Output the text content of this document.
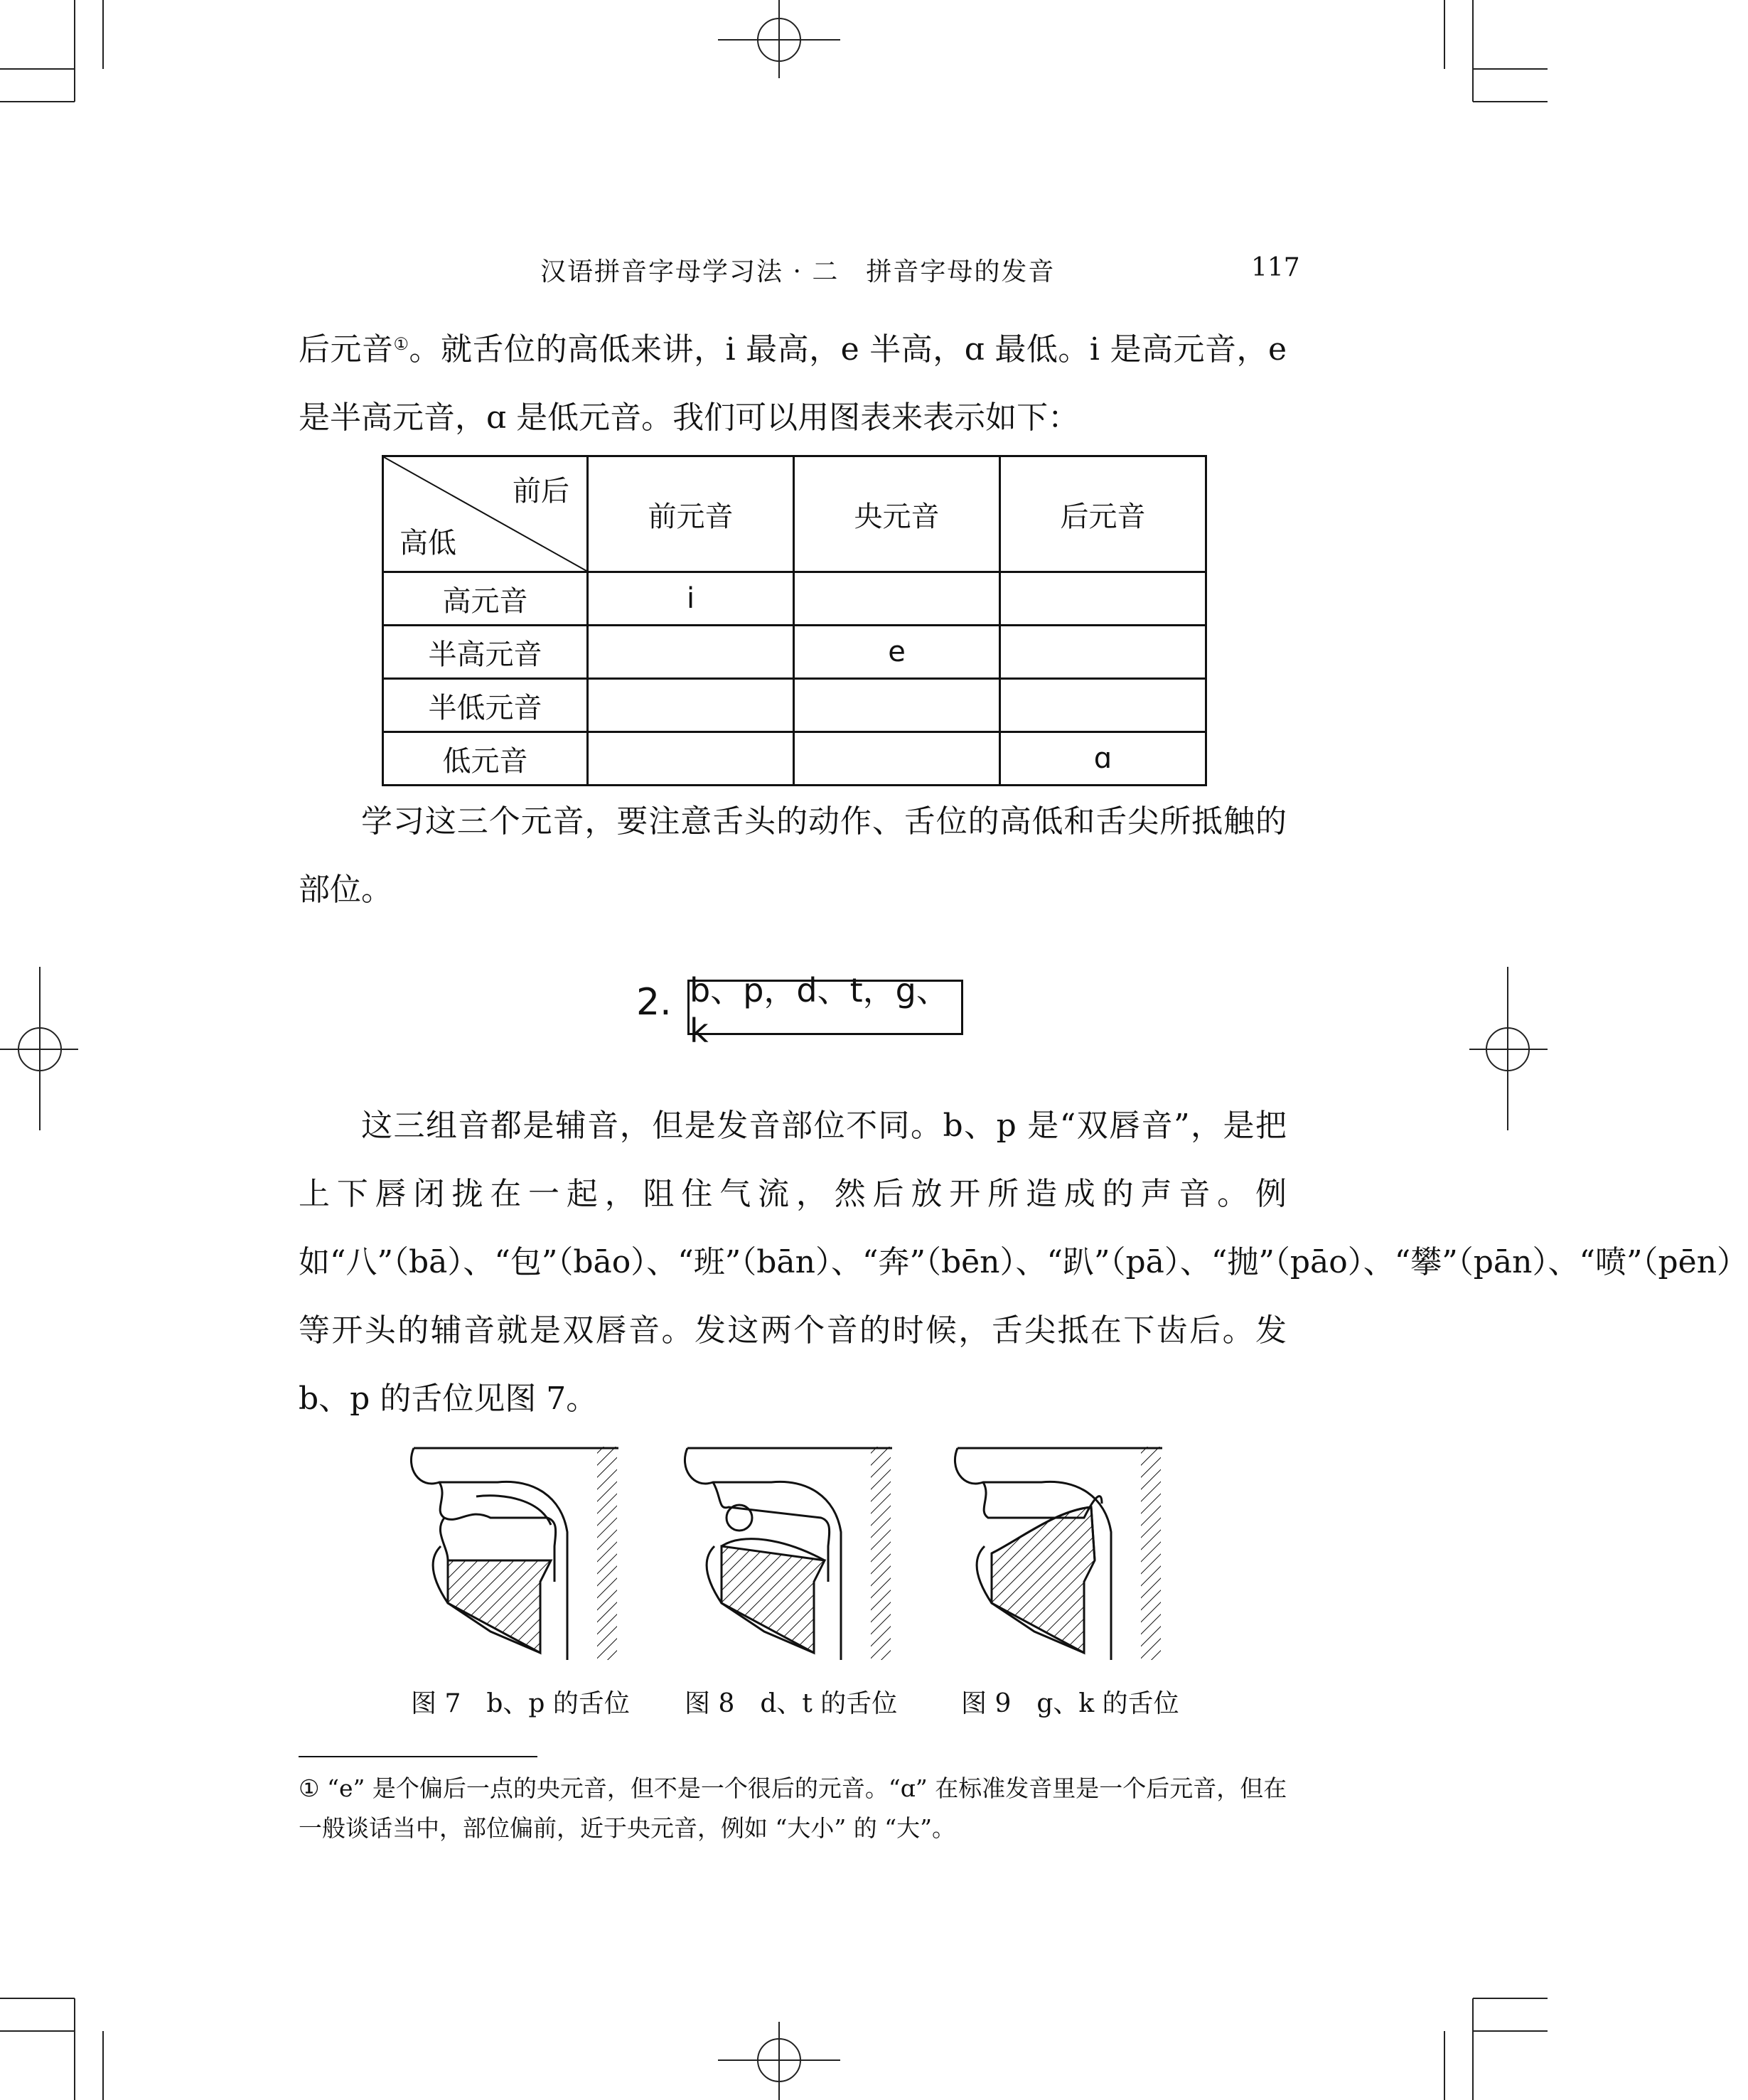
汉语拼音字母学习法 · 二　拼音字母的发音	117

后元音①。就舌位的高低来讲，i 最高，e 半高，ɑ 最低。i 是高元音，e 是半高元音，ɑ 是低元音。我们可以用图表来表示如下：

前后
高低	前元音	央元音	后元音
高元音	i		
半高元音		e	
半低元音			
低元音			ɑ
学习这三个元音，要注意舌头的动作、舌位的高低和舌尖所抵触的部位。
2. b、p，d、t，g、k
这三组音都是辅音，但是发音部位不同。b、p 是“双唇音”，是把上下唇闭拢在一起，阻住气流，然后放开所造成的声音。例如“八”（bā）、“包”（bāo）、“班”（bān）、“奔”（bēn）、“趴”（pā）、“抛”（pāo）、“攀”（pān）、“喷”（pēn）等开头的辅音就是双唇音。发这两个音的时候，舌尖抵在下齿后。发 b、p 的舌位见图 7。
图 7　b、p 的舌位 图 8　d、t 的舌位 图 9　g、k 的舌位
① “e” 是个偏后一点的央元音，但不是一个很后的元音。“ɑ” 在标准发音里是一个后元音，但在一般谈话当中，部位偏前，近于央元音，例如 “大小” 的 “大”。
